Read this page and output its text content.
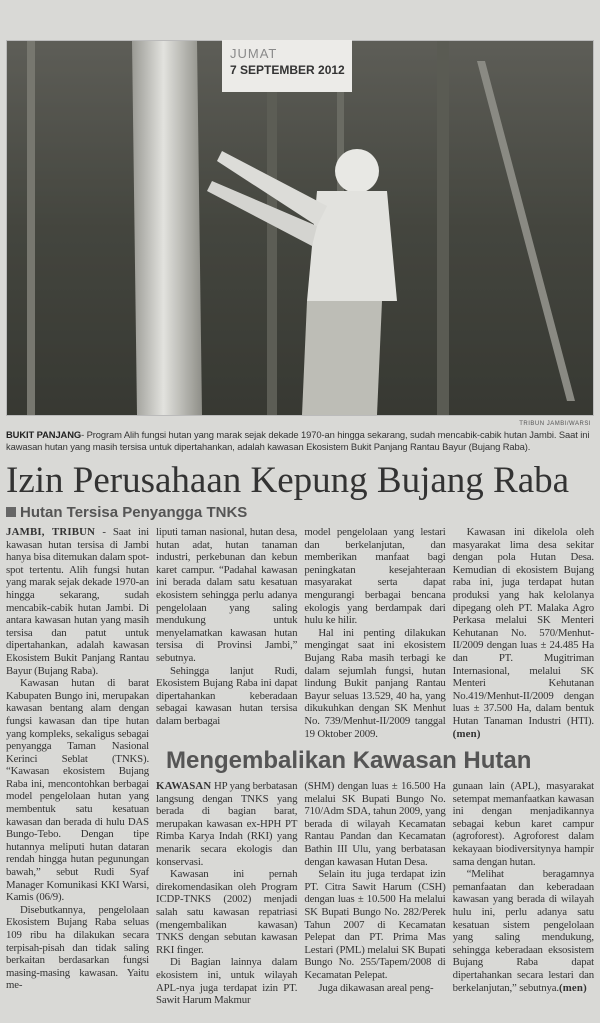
JUMAT
7 SEPTEMBER 2012
TRIBUN JAMBI/WARSI
BUKIT PANJANG- Program Alih fungsi hutan yang marak sejak dekade 1970-an hingga sekarang, sudah mencabik-cabik hutan Jambi. Saat ini kawasan hutan yang masih tersisa untuk dipertahankan, adalah kawasan Ekosistem Bukit Panjang Rantau Bayur (Bujang Raba).
Izin Perusahaan Kepung Bujang Raba
Hutan Tersisa Penyangga TNKS

JAMBI, TRIBUN - Saat ini kawasan hutan tersisa di Jambi hanya bisa ditemukan dalam spot-spot tertentu. Alih fungsi hutan yang marak sejak dekade 1970-an hingga sekarang, sudah mencabik-cabik hutan Jambi. Di antara kawasan hutan yang masih tersisa dan patut untuk dipertahankan, adalah kawasan Ekosistem Bukit Panjang Rantau Bayur (Bujang Raba).

Kawasan hutan di barat Kabupaten Bungo ini, merupakan kawasan bentang alam dengan fungsi kawasan dan tipe hutan yang kompleks, sekaligus sebagai penyangga Taman Nasional Kerinci Seblat (TNKS). “Kawasan ekosistem Bujang Raba ini, mencontohkan berbagai model pengelolaan hutan yang membentuk satu kesatuan kawasan dan berada di hulu DAS Bungo-Tebo. Dengan tipe hutannya meliputi hutan dataran rendah hingga hutan pegunungan bawah,” sebut Rudi Syaf Manager Komunikasi KKI Warsi, Kamis (06/9).

Disebutkannya, pengelolaan Ekosistem Bujang Raba seluas 109 ribu ha dilakukan secara terpisah-pisah dan tidak saling berkaitan berdasarkan fungsi masing-masing kawasan. Yaitu me-

liputi taman nasional, hutan desa, hutan adat, hutan tanaman industri, perkebunan dan kebun karet campur. “Padahal kawasan ini berada dalam satu kesatuan ekosistem sehingga perlu adanya pengelolaan yang saling mendukung untuk menyelamatkan kawasan hutan tersisa di Provinsi Jambi,” sebutnya.

Sehingga lanjut Rudi, Ekosistem Bujang Raba ini dapat dipertahankan keberadaan sebagai kawasan hutan tersisa dalam berbagai

model pengelolaan yang lestari dan berkelanjutan, dan memberikan manfaat bagi peningkatan kesejahteraan masyarakat serta dapat mengurangi berbagai bencana ekologis yang berdampak dari hulu ke hilir.

Hal ini penting dilakukan mengingat saat ini ekosistem Bujang Raba masih terbagi ke dalam sejumlah fungsi, hutan lindung Bukit panjang Rantau Bayur seluas 13.529, 40 ha, yang dikukuhkan dengan SK Menhut No. 739/Menhut-II/2009 tanggal 19 Oktober 2009.

Kawasan ini dikelola oleh masyarakat lima desa sekitar dengan pola Hutan Desa. Kemudian di ekosistem Bujang raba ini, juga terdapat hutan produksi yang hak kelolanya dipegang oleh PT. Malaka Agro Perkasa melalui SK Menteri Kehutanan No. 570/Menhut-II/2009 dengan luas ± 24.485 Ha dan PT. Mugitriman Internasional, melalui SK Menteri Kehutanan No.419/Menhut-II/2009 dengan luas ± 37.500 Ha, dalam bentuk Hutan Tanaman Industri (HTI). (men)

Mengembalikan Kawasan Hutan

KAWASAN HP yang berbatasan langsung dengan TNKS yang berada di bagian barat, merupakan kawasan ex-HPH PT Rimba Karya Indah (RKI) yang menarik secara ekologis dan konservasi.

Kawasan ini pernah direkomendasikan oleh Program ICDP-TNKS (2002) menjadi salah satu kawasan repatriasi (mengembalikan kawasan) TNKS dengan sebutan kawasan RKI finger.

Di Bagian lainnya dalam ekosistem ini, untuk wilayah APL-nya juga terdapat izin PT. Sawit Harum Makmur

(SHM) dengan luas ± 16.500 Ha melalui SK Bupati Bungo No. 710/Adm SDA, tahun 2009, yang berada di wilayah Kecamatan Rantau Pandan dan Kecamatan Bathin III Ulu, yang berbatasan dengan kawasan Hutan Desa.

Selain itu juga terdapat izin PT. Citra Sawit Harum (CSH) dengan luas ± 10.500 Ha melalui SK Bupati Bungo No. 282/Perek Tahun 2007 di Kecamatan Pelepat dan PT. Prima Mas Lestari (PML) melalui SK Bupati Bungo No. 255/Tapem/2008 di Kecamatan Pelepat.

Juga dikawasan areal peng-

gunaan lain (APL), masyarakat setempat memanfaatkan kawasan ini dengan menjadikannya sebagai kebun karet campur (agroforest). Agroforest dalam kekayaan biodiversitynya hampir sama dengan hutan.

“Melihat beragamnya pemanfaatan dan keberadaan kawasan yang berada di wilayah hulu ini, perlu adanya satu kesatuan sistem pengelolaan yang saling mendukung, sehingga keberadaan eksosistem Bujang Raba dapat dipertahankan secara lestari dan berkelanjutan,” sebutnya.(men)
